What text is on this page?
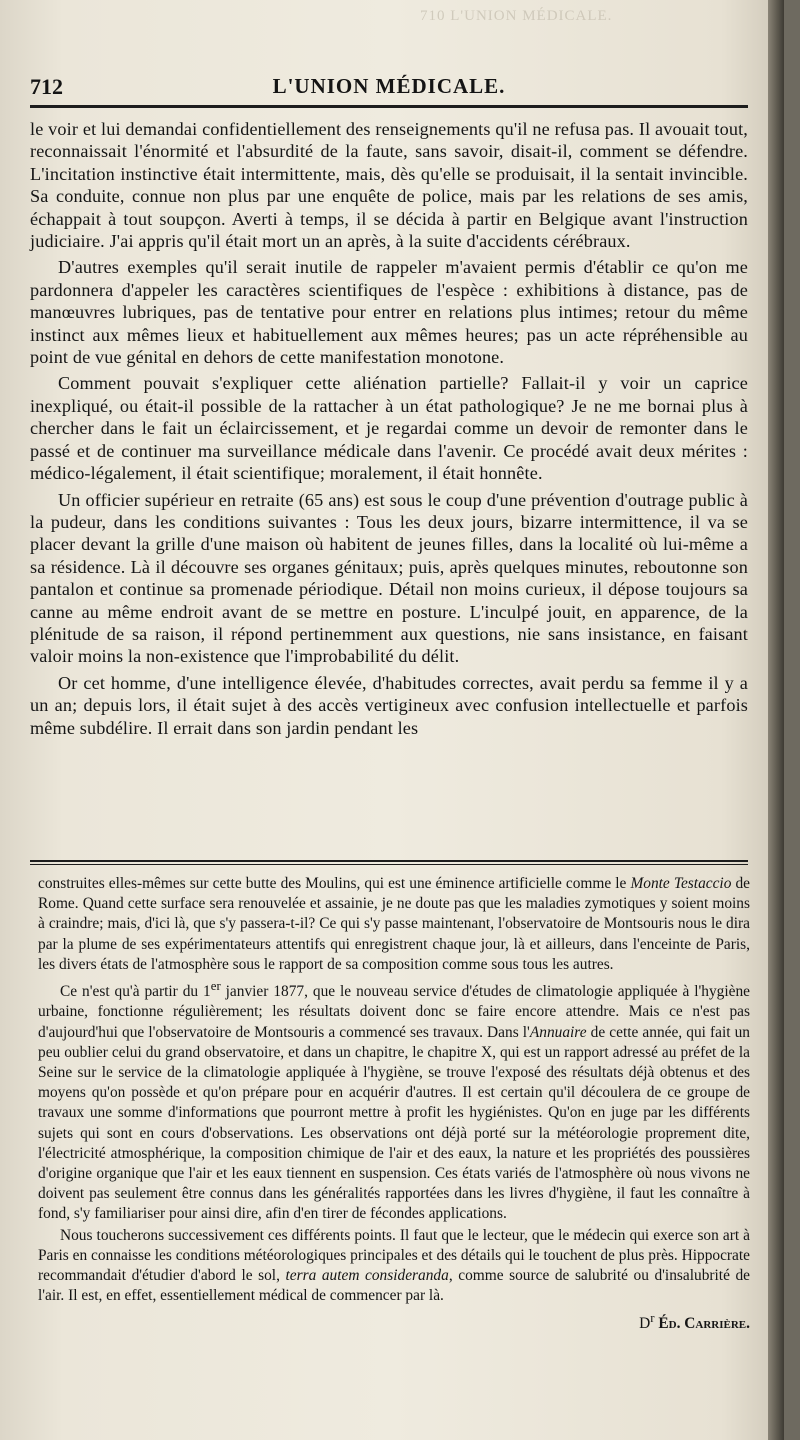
710 L'UNION MÉDICALE.
712	L'UNION MÉDICALE.

le voir et lui demandai confidentiellement des renseignements qu'il ne refusa pas. Il avouait tout, reconnaissait l'énormité et l'absurdité de la faute, sans savoir, disait-il, comment se défendre. L'incitation instinctive était intermittente, mais, dès qu'elle se produisait, il la sentait invincible. Sa conduite, connue non plus par une enquête de police, mais par les relations de ses amis, échappait à tout soupçon. Averti à temps, il se décida à partir en Belgique avant l'instruction judiciaire. J'ai appris qu'il était mort un an après, à la suite d'accidents cérébraux.

D'autres exemples qu'il serait inutile de rappeler m'avaient permis d'établir ce qu'on me pardonnera d'appeler les caractères scientifiques de l'espèce : exhibitions à distance, pas de manœuvres lubriques, pas de tentative pour entrer en relations plus intimes; retour du même instinct aux mêmes lieux et habituellement aux mêmes heures; pas un acte répréhensible au point de vue génital en dehors de cette manifestation monotone.

Comment pouvait s'expliquer cette aliénation partielle? Fallait-il y voir un caprice inexpliqué, ou était-il possible de la rattacher à un état pathologique? Je ne me bornai plus à chercher dans le fait un éclaircissement, et je regardai comme un devoir de remonter dans le passé et de continuer ma surveillance médicale dans l'avenir. Ce procédé avait deux mérites : médico-légalement, il était scientifique; moralement, il était honnête.

Un officier supérieur en retraite (65 ans) est sous le coup d'une prévention d'outrage public à la pudeur, dans les conditions suivantes : Tous les deux jours, bizarre intermittence, il va se placer devant la grille d'une maison où habitent de jeunes filles, dans la localité où lui-même a sa résidence. Là il découvre ses organes génitaux; puis, après quelques minutes, reboutonne son pantalon et continue sa promenade périodique. Détail non moins curieux, il dépose toujours sa canne au même endroit avant de se mettre en posture. L'inculpé jouit, en apparence, de la plénitude de sa raison, il répond pertinemment aux questions, nie sans insistance, en faisant valoir moins la non-existence que l'improbabilité du délit.

Or cet homme, d'une intelligence élevée, d'habitudes correctes, avait perdu sa femme il y a un an; depuis lors, il était sujet à des accès vertigineux avec confusion intellectuelle et parfois même subdélire. Il errait dans son jardin pendant les

construites elles-mêmes sur cette butte des Moulins, qui est une éminence artificielle comme le Monte Testaccio de Rome. Quand cette surface sera renouvelée et assainie, je ne doute pas que les maladies zymotiques y soient moins à craindre; mais, d'ici là, que s'y passera-t-il? Ce qui s'y passe maintenant, l'observatoire de Montsouris nous le dira par la plume de ses expérimentateurs attentifs qui enregistrent chaque jour, là et ailleurs, dans l'enceinte de Paris, les divers états de l'atmosphère sous le rapport de sa composition comme sous tous les autres.

Ce n'est qu'à partir du 1er janvier 1877, que le nouveau service d'études de climatologie appliquée à l'hygiène urbaine, fonctionne régulièrement; les résultats doivent donc se faire encore attendre. Mais ce n'est pas d'aujourd'hui que l'observatoire de Montsouris a commencé ses travaux. Dans l'Annuaire de cette année, qui fait un peu oublier celui du grand observatoire, et dans un chapitre, le chapitre X, qui est un rapport adressé au préfet de la Seine sur le service de la climatologie appliquée à l'hygiène, se trouve l'exposé des résultats déjà obtenus et des moyens qu'on possède et qu'on prépare pour en acquérir d'autres. Il est certain qu'il découlera de ce groupe de travaux une somme d'informations que pourront mettre à profit les hygiénistes. Qu'on en juge par les différents sujets qui sont en cours d'observations. Les observations ont déjà porté sur la météorologie proprement dite, l'électricité atmosphérique, la composition chimique de l'air et des eaux, la nature et les propriétés des poussières d'origine organique que l'air et les eaux tiennent en suspension. Ces états variés de l'atmosphère où nous vivons ne doivent pas seulement être connus dans les généralités rapportées dans les livres d'hygiène, il faut les connaître à fond, s'y familiariser pour ainsi dire, afin d'en tirer de fécondes applications.

Nous toucherons successivement ces différents points. Il faut que le lecteur, que le médecin qui exerce son art à Paris en connaisse les conditions météorologiques principales et des détails qui le touchent de plus près. Hippocrate recommandait d'étudier d'abord le sol, terra autem consideranda, comme source de salubrité ou d'insalubrité de l'air. Il est, en effet, essentiellement médical de commencer par là.

$D^r$ Éd. Carrière.
